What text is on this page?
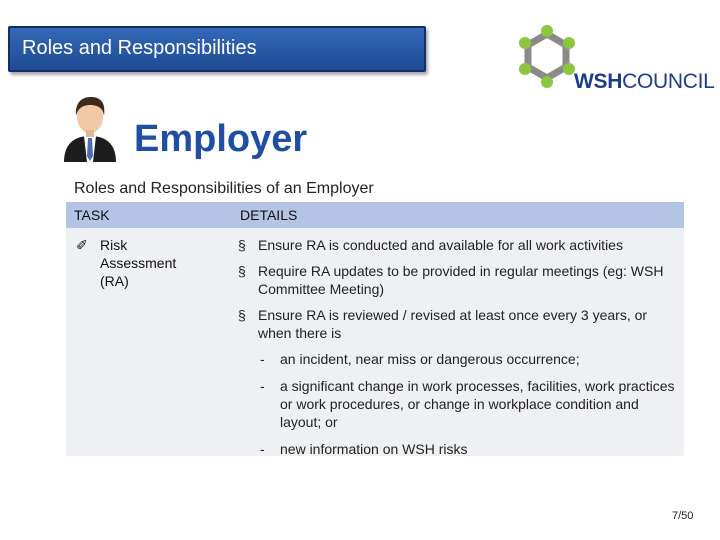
Roles and Responsibilities
WSHCOUNCIL
Employer
Roles and Responsibilities of an Employer
TASK	DETAILS
✐ Risk
Assessment
(RA)
§ Ensure RA is conducted and available for all work activities
§ Require RA updates to be provided in regular meetings (eg: WSH Committee Meeting)
§ Ensure RA is reviewed / revised at least once every 3 years, or when there is
- an incident, near miss or dangerous occurrence;
- a significant change in work processes, facilities, work practices or work procedures, or change in workplace condition and layout; or
- new information on WSH risks
7/50
